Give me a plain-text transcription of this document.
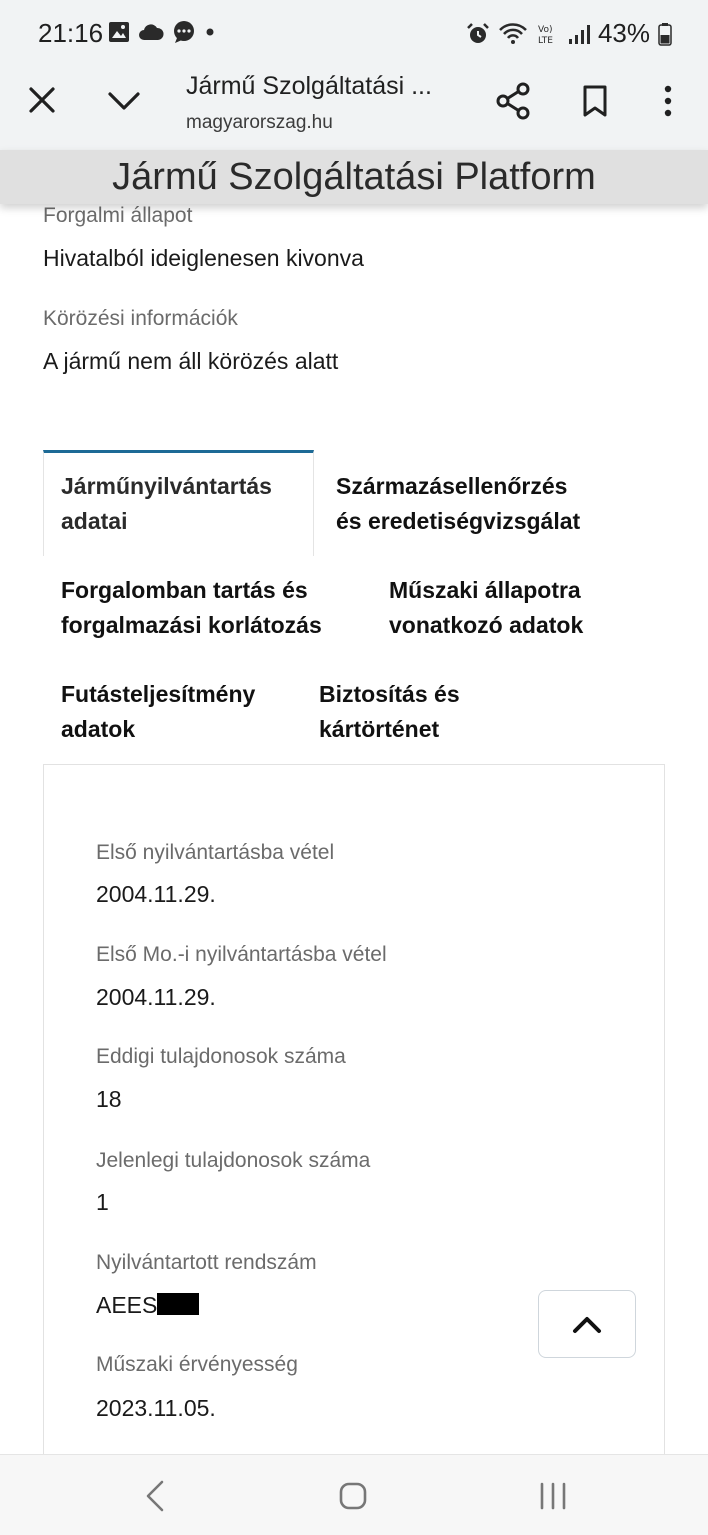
21:16	Vo)
LTE 43%
Jármű Szolgáltatási ...
magyarorszag.hu
Jármű Szolgáltatási Platform
Forgalmi állapot
Hivatalból ideiglenesen kivonva
Körözési információk
A jármű nem áll körözés alatt
Járműnyilvántartás
adatai
Származásellenőrzés
és eredetiségvizsgálat
Forgalomban tartás és
forgalmazási korlátozás
Műszaki állapotra
vonatkozó adatok
Futásteljesítmény
adatok
Biztosítás és
kártörténet
Első nyilvántartásba vétel
2004.11.29.
Első Mo.-i nyilvántartásba vétel
2004.11.29.
Eddigi tulajdonosok száma
18
Jelenlegi tulajdonosok száma
1
Nyilvántartott rendszám
AEES
Műszaki érvényesség
2023.11.05.
